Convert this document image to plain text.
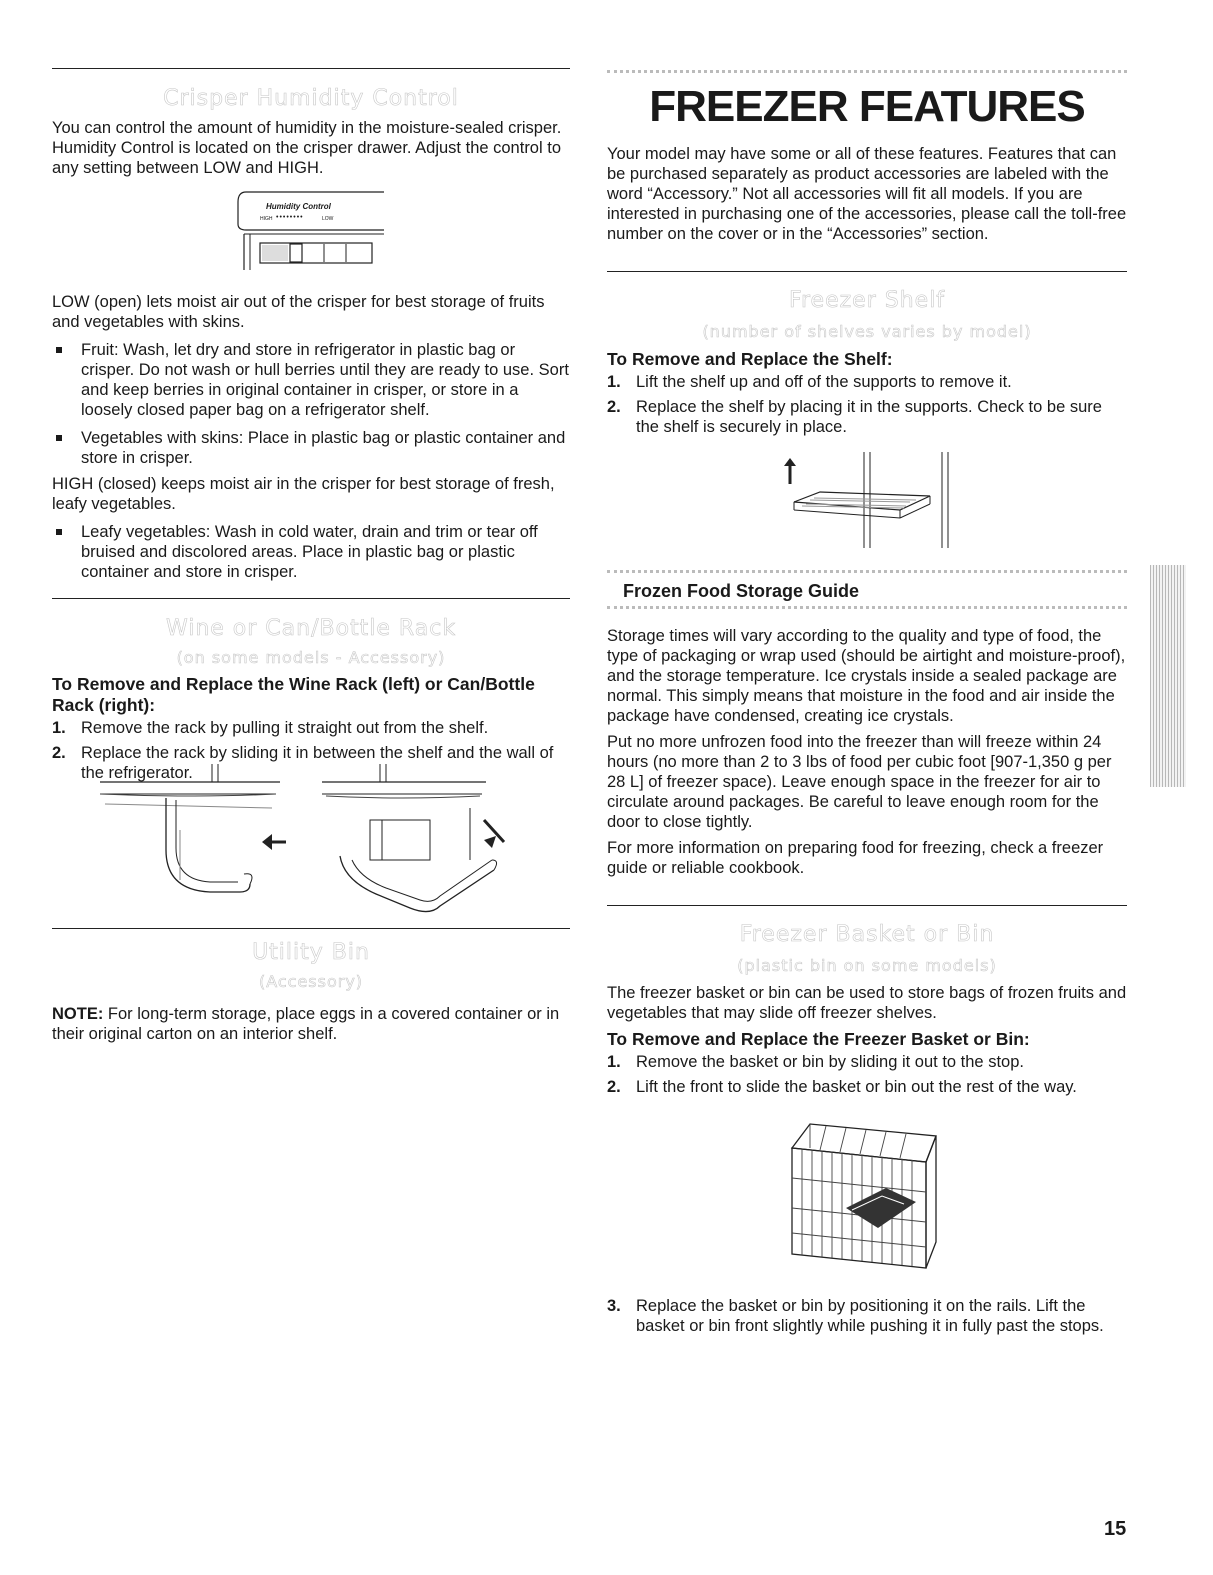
Crisper Humidity Control

You can control the amount of humidity in the moisture-sealed crisper. Humidity Control is located on the crisper drawer. Adjust the control to any setting between LOW and HIGH.

Humidity Control
HIGH ••••••••	LOW

LOW (open) lets moist air out of the crisper for best storage of fruits and vegetables with skins.

Fruit: Wash, let dry and store in refrigerator in plastic bag or crisper. Do not wash or hull berries until they are ready to use. Sort and keep berries in original container in crisper, or store in a loosely closed paper bag on a refrigerator shelf.
Vegetables with skins: Place in plastic bag or plastic container and store in crisper.

HIGH (closed) keeps moist air in the crisper for best storage of fresh, leafy vegetables.

Leafy vegetables: Wash in cold water, drain and trim or tear off bruised and discolored areas. Place in plastic bag or plastic container and store in crisper.
Wine or Can/Bottle Rack
(on some models - Accessory)

To Remove and Replace the Wine Rack (left) or Can/Bottle Rack (right):

1. Remove the rack by pulling it straight out from the shelf.
2. Replace the rack by sliding it in between the shelf and the wall of the refrigerator.
Utility Bin
(Accessory)

NOTE: For long-term storage, place eggs in a covered container or in their original carton on an interior shelf.

FREEZER FEATURES

Your model may have some or all of these features. Features that can be purchased separately as product accessories are labeled with the word “Accessory.” Not all accessories will fit all models. If you are interested in purchasing one of the accessories, please call the toll-free number on the cover or in the “Accessories” section.

Freezer Shelf
(number of shelves varies by model)

To Remove and Replace the Shelf:

1. Lift the shelf up and off of the supports to remove it.
2. Replace the shelf by placing it in the supports. Check to be sure the shelf is securely in place.

Frozen Food Storage Guide

Storage times will vary according to the quality and type of food, the type of packaging or wrap used (should be airtight and moisture-proof), and the storage temperature. Ice crystals inside a sealed package are normal. This simply means that moisture in the food and air inside the package have condensed, creating ice crystals.

Put no more unfrozen food into the freezer than will freeze within 24 hours (no more than 2 to 3 lbs of food per cubic foot [907-1,350 g per 28 L] of freezer space). Leave enough space in the freezer for air to circulate around packages. Be careful to leave enough room for the door to close tightly.

For more information on preparing food for freezing, check a freezer guide or reliable cookbook.

Freezer Basket or Bin
(plastic bin on some models)

The freezer basket or bin can be used to store bags of frozen fruits and vegetables that may slide off freezer shelves.

To Remove and Replace the Freezer Basket or Bin:

1. Remove the basket or bin by sliding it out to the stop.
2. Lift the front to slide the basket or bin out the rest of the way.
3. Replace the basket or bin by positioning it on the rails. Lift the basket or bin front slightly while pushing it in fully past the stops.
15
